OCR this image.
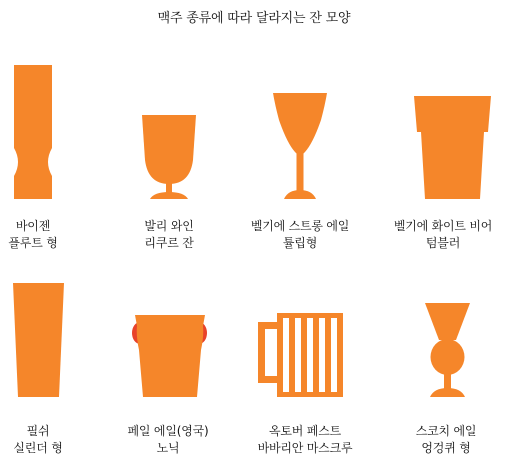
맥주 종류에 따라 달라지는 잔 모양
바이젠
플루트 형
발리 와인
리쿠르 잔
벨기에 스트롱 에일
튤립형
벨기에 화이트 비어
텀블러
필쉬
실린더 형
페일 에일(영국)
노닉
옥토버 페스트
바바리안 마스크루
스코치 에일
엉겅퀴 형
